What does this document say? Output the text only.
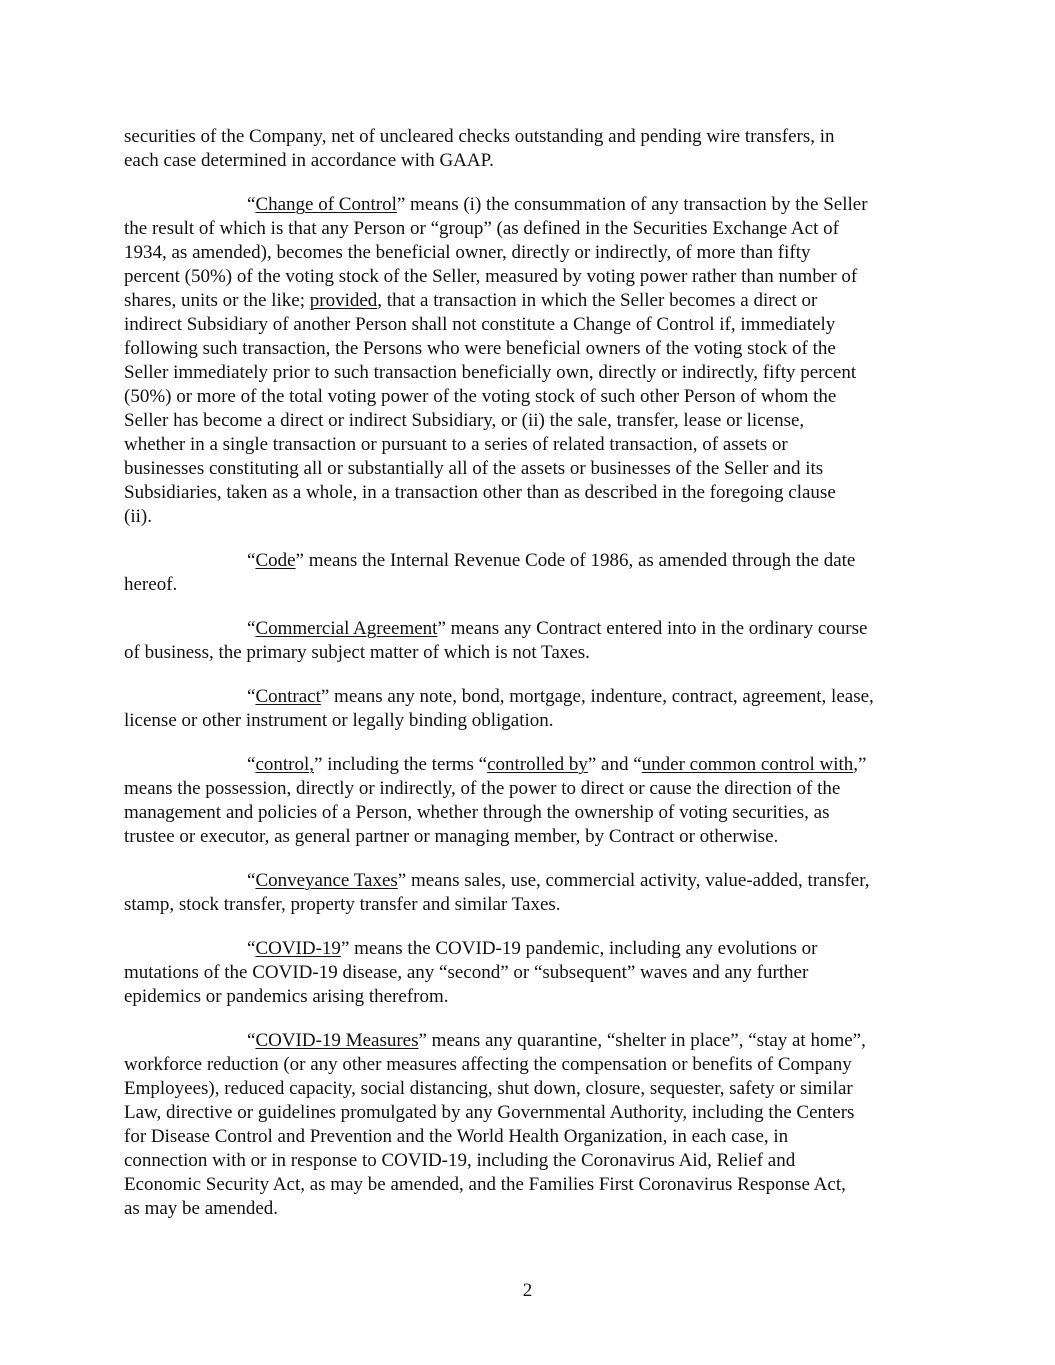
securities of the Company, net of uncleared checks outstanding and pending wire transfers, in
each case determined in accordance with GAAP.
“Change of Control” means (i) the consummation of any transaction by the Seller
the result of which is that any Person or “group” (as defined in the Securities Exchange Act of
1934, as amended), becomes the beneficial owner, directly or indirectly, of more than fifty
percent (50%) of the voting stock of the Seller, measured by voting power rather than number of
shares, units or the like; provided, that a transaction in which the Seller becomes a direct or
indirect Subsidiary of another Person shall not constitute a Change of Control if, immediately
following such transaction, the Persons who were beneficial owners of the voting stock of the
Seller immediately prior to such transaction beneficially own, directly or indirectly, fifty percent
(50%) or more of the total voting power of the voting stock of such other Person of whom the
Seller has become a direct or indirect Subsidiary, or (ii) the sale, transfer, lease or license,
whether in a single transaction or pursuant to a series of related transaction, of assets or
businesses constituting all or substantially all of the assets or businesses of the Seller and its
Subsidiaries, taken as a whole, in a transaction other than as described in the foregoing clause
(ii).
“Code” means the Internal Revenue Code of 1986, as amended through the date
hereof.
“Commercial Agreement” means any Contract entered into in the ordinary course
of business, the primary subject matter of which is not Taxes.
“Contract” means any note, bond, mortgage, indenture, contract, agreement, lease,
license or other instrument or legally binding obligation.
“control,” including the terms “controlled by” and “under common control with,”
means the possession, directly or indirectly, of the power to direct or cause the direction of the
management and policies of a Person, whether through the ownership of voting securities, as
trustee or executor, as general partner or managing member, by Contract or otherwise.
“Conveyance Taxes” means sales, use, commercial activity, value-added, transfer,
stamp, stock transfer, property transfer and similar Taxes.
“COVID-19” means the COVID-19 pandemic, including any evolutions or
mutations of the COVID-19 disease, any “second” or “subsequent” waves and any further
epidemics or pandemics arising therefrom.
“COVID-19 Measures” means any quarantine, “shelter in place”, “stay at home”,
workforce reduction (or any other measures affecting the compensation or benefits of Company
Employees), reduced capacity, social distancing, shut down, closure, sequester, safety or similar
Law, directive or guidelines promulgated by any Governmental Authority, including the Centers
for Disease Control and Prevention and the World Health Organization, in each case, in
connection with or in response to COVID-19, including the Coronavirus Aid, Relief and
Economic Security Act, as may be amended, and the Families First Coronavirus Response Act,
as may be amended.
2
